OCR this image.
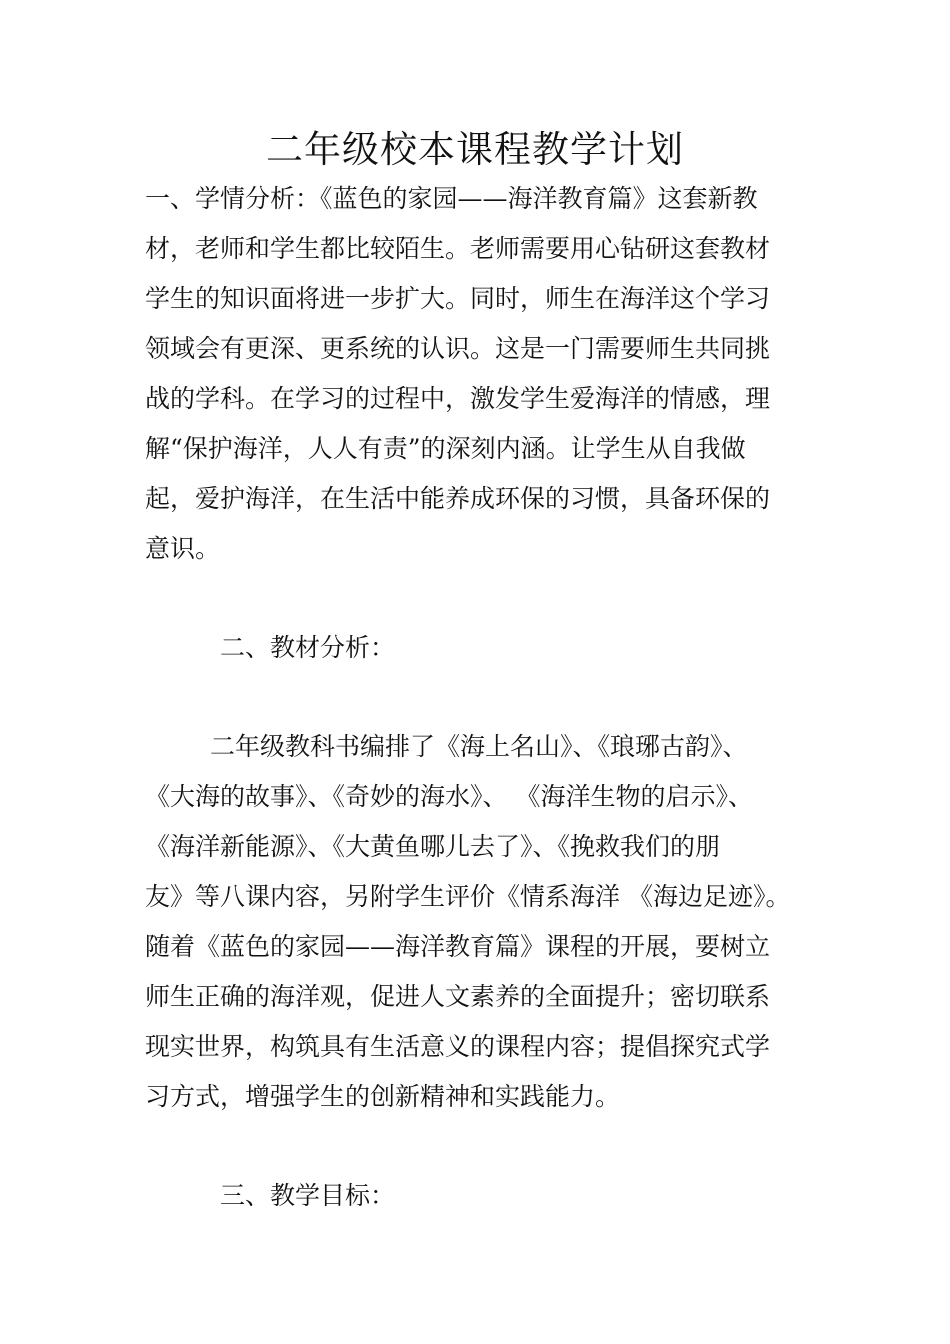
二年级校本课程教学计划

一、学情分析：《蓝色的家园——海洋教育篇》这套新教

材，老师和学生都比较陌生。老师需要用心钻研这套教材

学生的知识面将进一步扩大。同时，师生在海洋这个学习

领域会有更深、更系统的认识。这是一门需要师生共同挑

战的学科。在学习的过程中，激发学生爱海洋的情感，理

解“保护海洋，人人有责”的深刻内涵。让学生从自我做

起，爱护海洋，在生活中能养成环保的习惯，具备环保的

意识。

二、教材分析：

二年级教科书编排了《海上名山》、《琅琊古韵》、

《大海的故事》、《奇妙的海水》、 《海洋生物的启示》、

《海洋新能源》、《大黄鱼哪儿去了》、《挽救我们的朋

友》等八课内容，另附学生评价《情系海洋 《海边足迹》。

随着《蓝色的家园——海洋教育篇》课程的开展，要树立

师生正确的海洋观，促进人文素养的全面提升；密切联系

现实世界，构筑具有生活意义的课程内容；提倡探究式学

习方式，增强学生的创新精神和实践能力。

三、教学目标：
